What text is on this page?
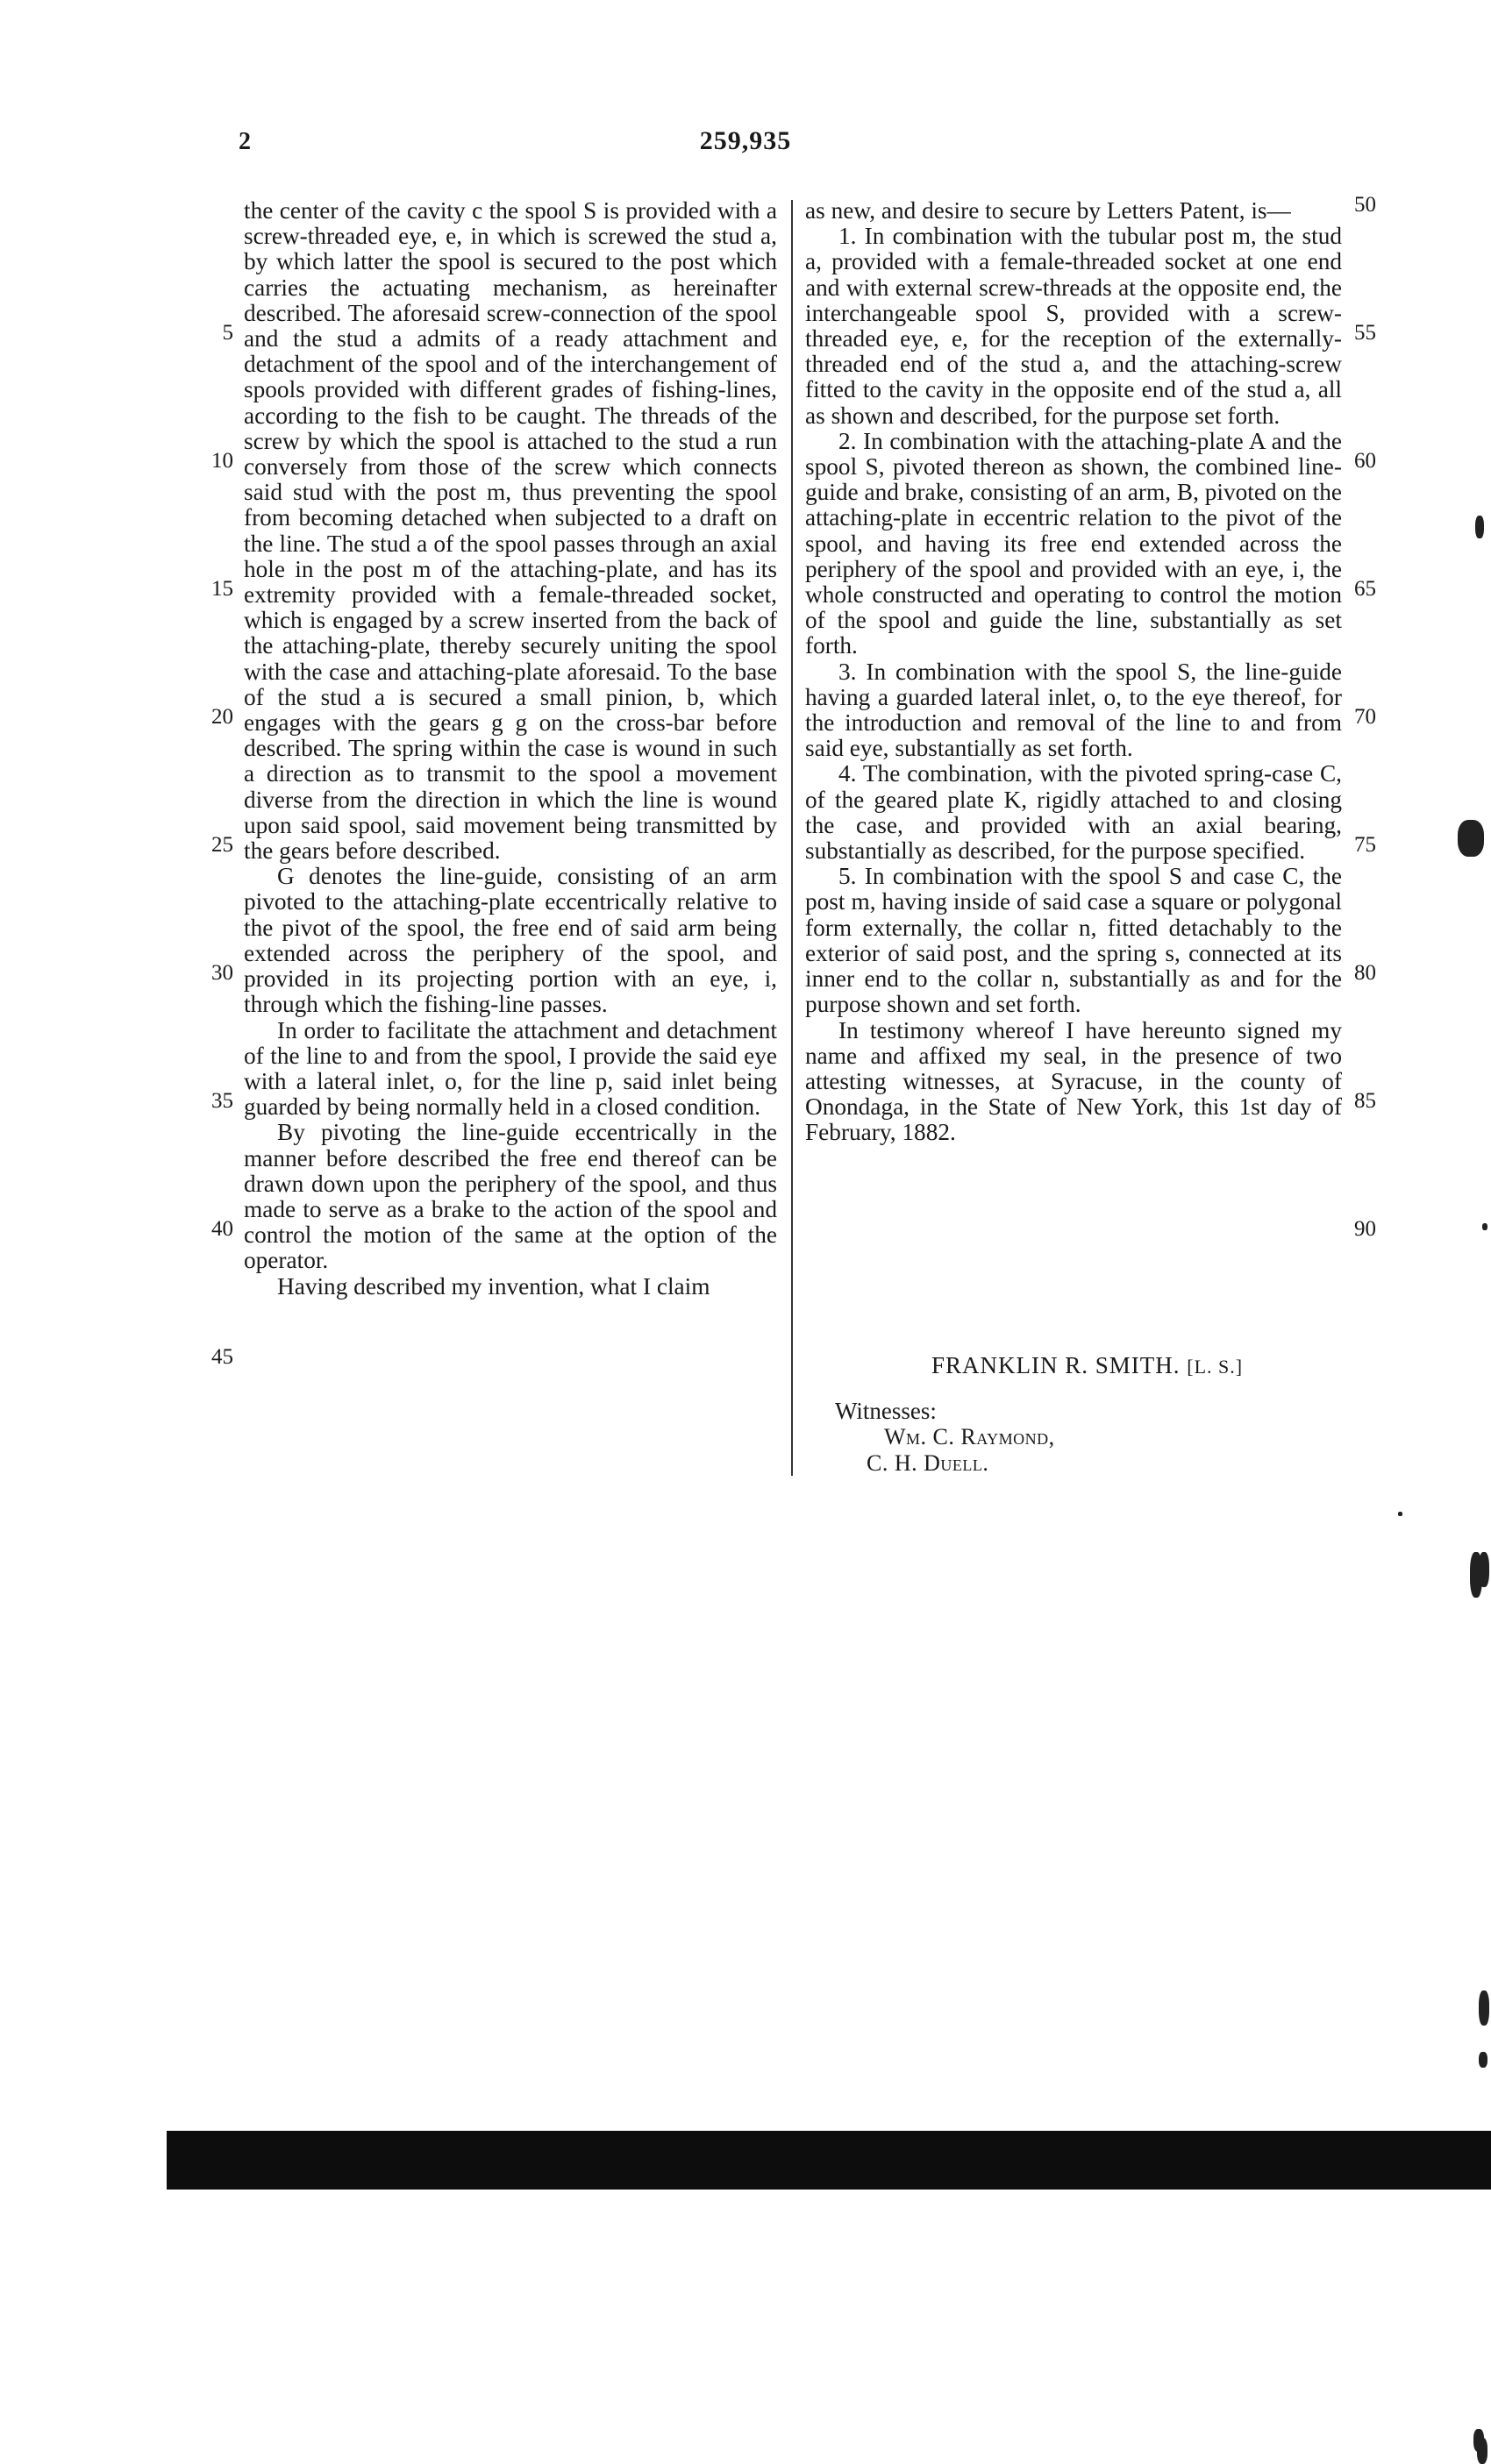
2	259,935

the center of the cavity c the spool S is provided with a screw-threaded eye, e, in which is screwed the stud a, by which latter the spool is secured to the post which carries the actuating mechanism, as hereinafter described. The aforesaid screw-connection of the spool and the stud a admits of a ready attachment and detachment of the spool and of the interchangement of spools provided with different grades of fishing-lines, according to the fish to be caught. The threads of the screw by which the spool is attached to the stud a run conversely from those of the screw which connects said stud with the post m, thus preventing the spool from becoming detached when subjected to a draft on the line. The stud a of the spool passes through an axial hole in the post m of the attaching-plate, and has its extremity provided with a female-threaded socket, which is engaged by a screw inserted from the back of the attaching-plate, thereby securely uniting the spool with the case and attaching-plate aforesaid. To the base of the stud a is secured a small pinion, b, which engages with the gears g g on the cross-bar before described. The spring within the case is wound in such a direction as to transmit to the spool a movement diverse from the direction in which the line is wound upon said spool, said movement being transmitted by the gears before described.

G denotes the line-guide, consisting of an arm pivoted to the attaching-plate eccentrically relative to the pivot of the spool, the free end of said arm being extended across the periphery of the spool, and provided in its projecting portion with an eye, i, through which the fishing-line passes.

In order to facilitate the attachment and detachment of the line to and from the spool, I provide the said eye with a lateral inlet, o, for the line p, said inlet being guarded by being normally held in a closed condition.

By pivoting the line-guide eccentrically in the manner before described the free end thereof can be drawn down upon the periphery of the spool, and thus made to serve as a brake to the action of the spool and control the motion of the same at the option of the operator.

Having described my invention, what I claim

as new, and desire to secure by Letters Patent, is—

1. In combination with the tubular post m, the stud a, provided with a female-threaded socket at one end and with external screw-threads at the opposite end, the interchangeable spool S, provided with a screw-threaded eye, e, for the reception of the externally-threaded end of the stud a, and the attaching-screw fitted to the cavity in the opposite end of the stud a, all as shown and described, for the purpose set forth.

2. In combination with the attaching-plate A and the spool S, pivoted thereon as shown, the combined line-guide and brake, consisting of an arm, B, pivoted on the attaching-plate in eccentric relation to the pivot of the spool, and having its free end extended across the periphery of the spool and provided with an eye, i, the whole constructed and operating to control the motion of the spool and guide the line, substantially as set forth.

3. In combination with the spool S, the line-guide having a guarded lateral inlet, o, to the eye thereof, for the introduction and removal of the line to and from said eye, substantially as set forth.

4. The combination, with the pivoted spring-case C, of the geared plate K, rigidly attached to and closing the case, and provided with an axial bearing, substantially as described, for the purpose specified.

5. In combination with the spool S and case C, the post m, having inside of said case a square or polygonal form externally, the collar n, fitted detachably to the exterior of said post, and the spring s, connected at its inner end to the collar n, substantially as and for the purpose shown and set forth.

In testimony whereof I have hereunto signed my name and affixed my seal, in the presence of two attesting witnesses, at Syracuse, in the county of Onondaga, in the State of New York, this 1st day of February, 1882.

5
10
15
20
25
30
35
40
45
50
55
60
65
70
75
80
85
90
FRANKLIN R. SMITH. [L. S.]
Witnesses:
Wm. C. Raymond,
C. H. Duell.
